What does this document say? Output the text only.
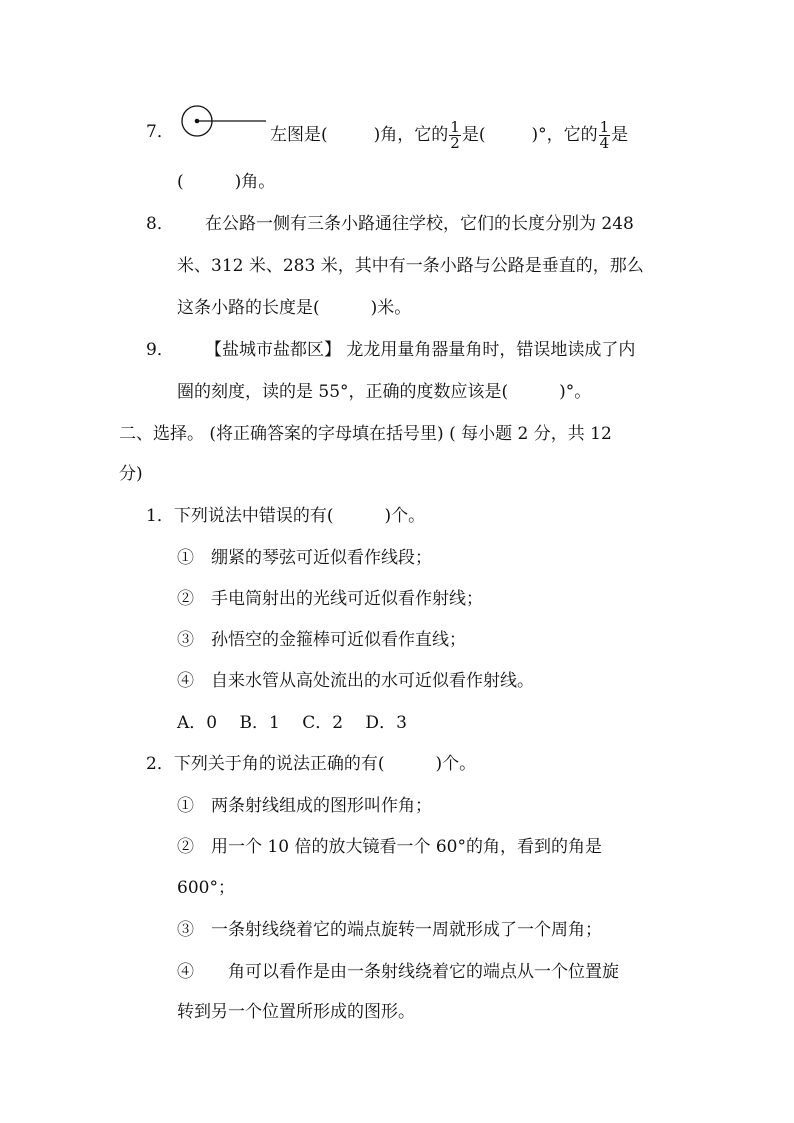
7．	左图是(	)角，它的 $\frac{1}{2}$ 是(	)°，它的 $\frac{1}{4}$ 是
(　　　)角。
8． 在公路一侧有三条小路通往学校，它们的长度分别为 248
米、312 米、283 米，其中有一条小路与公路是垂直的，那么
这条小路的长度是(　　　)米。
9． 【盐城市盐都区】 龙龙用量角器量角时，错误地读成了内
圈的刻度，读的是 55°，正确的度数应该是(　　　)°。
二、选择。 (将正确答案的字母填在括号里) ( 每小题 2 分，共 12
分)
1．下列说法中错误的有(　　　)个。
①　绷紧的琴弦可近似看作线段；
②　手电筒射出的光线可近似看作射线；
③　孙悟空的金箍棒可近似看作直线；
④　自来水管从高处流出的水可近似看作射线。
A．0　 B．1　 C．2　 D．3
2．下列关于角的说法正确的有(　　　)个。
①　两条射线组成的图形叫作角；
②　用一个 10 倍的放大镜看一个 60°的角，看到的角是
600°；
③　一条射线绕着它的端点旋转一周就形成了一个周角；
④　　角可以看作是由一条射线绕着它的端点从一个位置旋
转到另一个位置所形成的图形。
